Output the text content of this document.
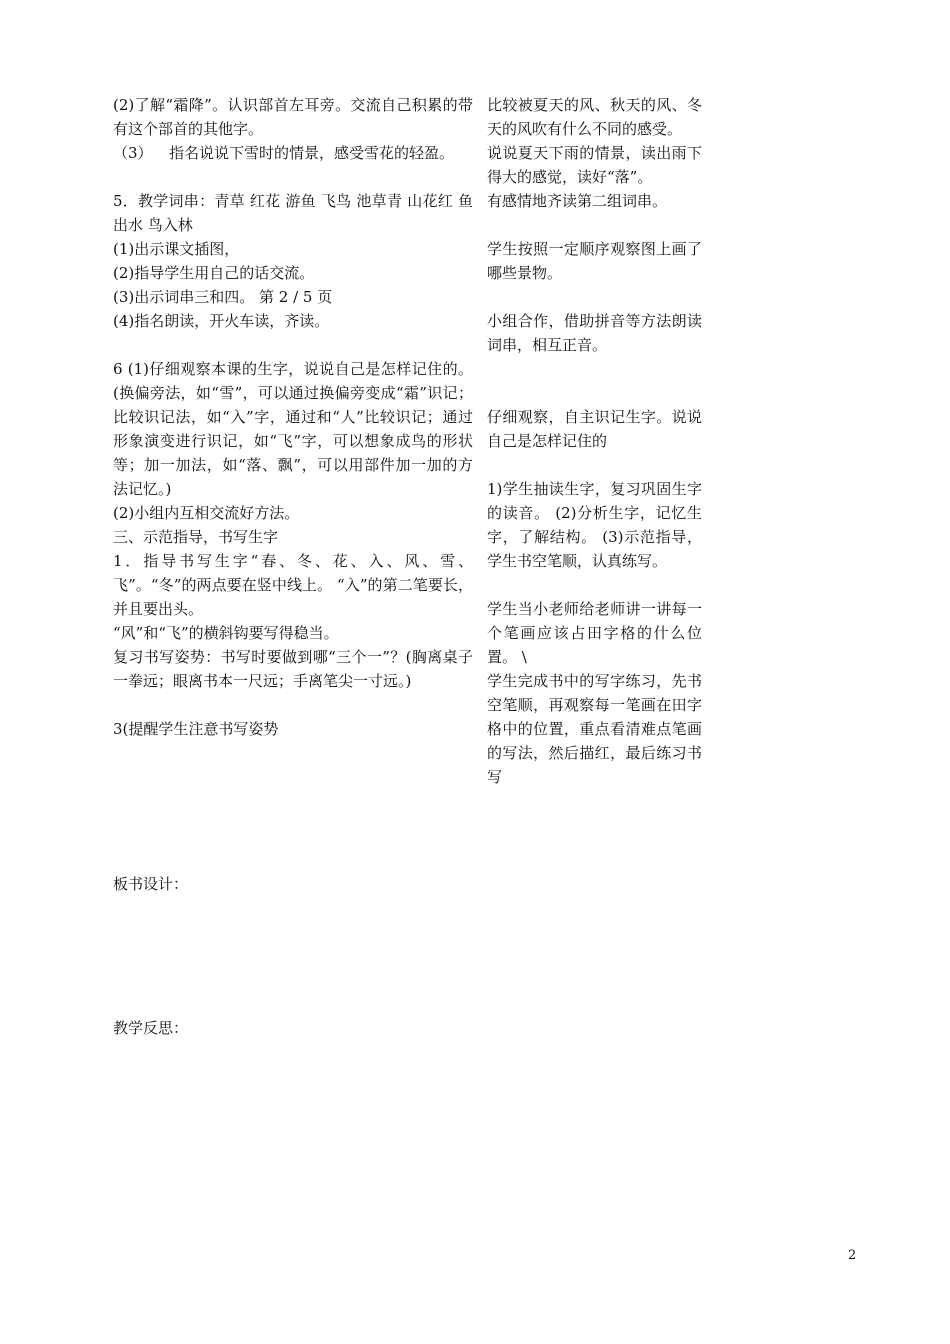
(2)了解“霜降”。认识部首左耳旁。交流自己积累的带有这个部首的其他字。

（3）	指名说说下雪时的情景，感受雪花的轻盈。

5．教学词串：青草 红花 游鱼 飞鸟 池草青 山花红 鱼出水 鸟入林

(1)出示课文插图，

(2)指导学生用自己的话交流。

(3)出示词串三和四。 第 2 / 5 页

(4)指名朗读，开火车读，齐读。

6 (1)仔细观察本课的生字，说说自己是怎样记住的。 (换偏旁法，如“雪”，可以通过换偏旁变成“霜”识记；比较识记法，如“入”字，通过和“人”比较识记；通过形象演变进行识记，如“飞”字，可以想象成鸟的形状等；加一加法，如“落、飘”，可以用部件加一加的方法记忆。)

(2)小组内互相交流好方法。

三、示范指导，书写生字

1．指导书写生字“春、冬、花、入、风、雪、飞”。“冬”的两点要在竖中线上。 “入”的第二笔要长，并且要出头。

“风”和“飞”的横斜钩要写得稳当。

复习书写姿势：书写时要做到哪“三个一”？(胸离桌子一拳远；眼离书本一尺远；手离笔尖一寸远。)

3(提醒学生注意书写姿势

比较被夏天的风、秋天的风、冬天的风吹有什么不同的感受。

说说夏天下雨的情景，读出雨下得大的感觉，读好“落”。

有感情地齐读第二组词串。

学生按照一定顺序观察图上画了哪些景物。

小组合作，借助拼音等方法朗读词串，相互正音。

仔细观察，自主识记生字。说说自己是怎样记住的

1)学生抽读生字，复习巩固生字的读音。 (2)分析生字，记忆生字，了解结构。 (3)示范指导，学生书空笔顺，认真练写。

学生当小老师给老师讲一讲每一个笔画应该占田字格的什么位置。 \

学生完成书中的写字练习，先书空笔顺，再观察每一笔画在田字格中的位置，重点看清难点笔画的写法，然后描红，最后练习书写

板书设计：
教学反思：
2
